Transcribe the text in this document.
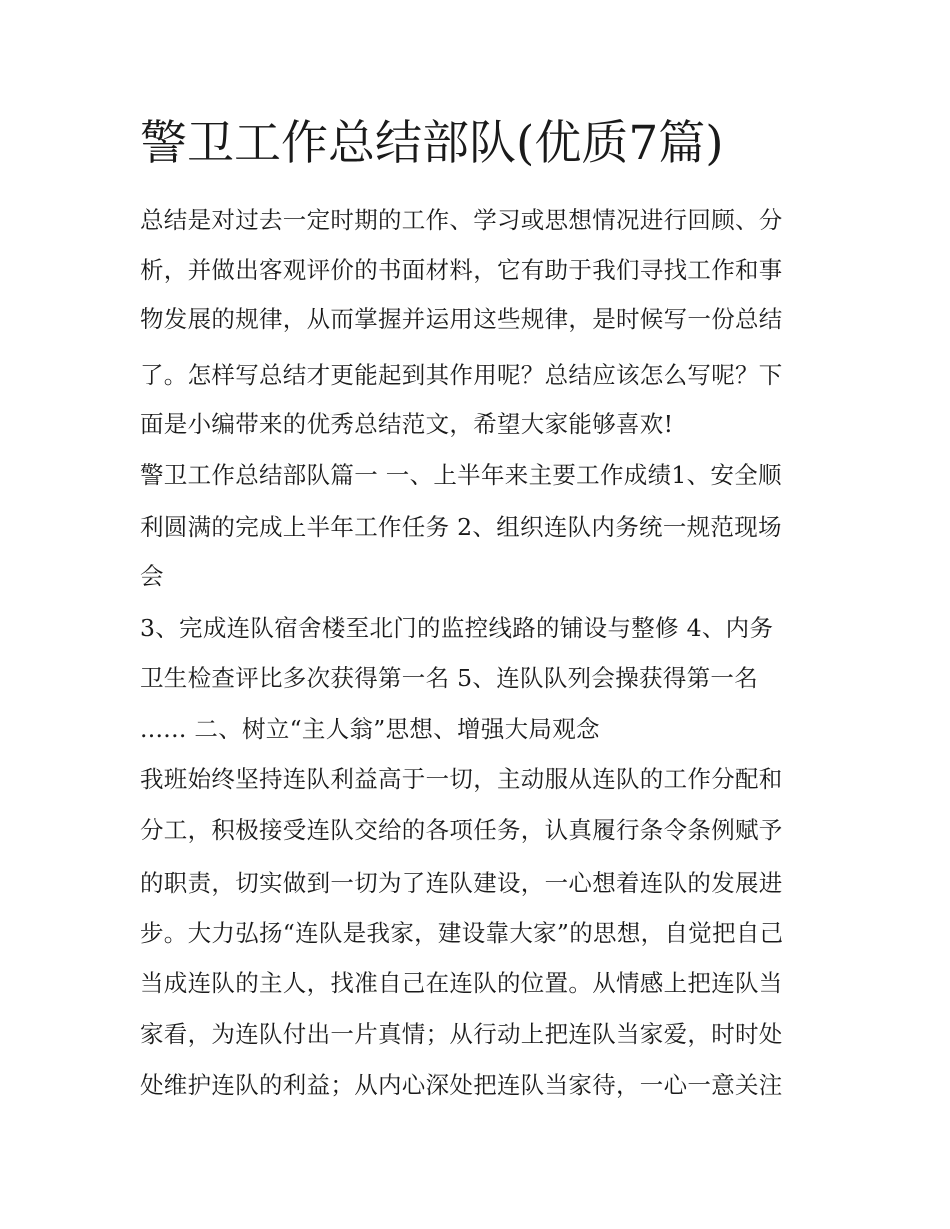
警卫工作总结部队(优质7篇)
总结是对过去一定时期的工作、学习或思想情况进行回顾、分
析，并做出客观评价的书面材料，它有助于我们寻找工作和事
物发展的规律，从而掌握并运用这些规律，是时候写一份总结
了。怎样写总结才更能起到其作用呢？总结应该怎么写呢？下
面是小编带来的优秀总结范文，希望大家能够喜欢!
警卫工作总结部队篇一 一、上半年来主要工作成绩1、安全顺
利圆满的完成上半年工作任务 2、组织连队内务统一规范现场
会
3、完成连队宿舍楼至北门的监控线路的铺设与整修 4、内务
卫生检查评比多次获得第一名 5、连队队列会操获得第一名
...... 二、树立“主人翁”思想、增强大局观念
我班始终坚持连队利益高于一切，主动服从连队的工作分配和
分工，积极接受连队交给的各项任务，认真履行条令条例赋予
的职责，切实做到一切为了连队建设，一心想着连队的发展进
步。大力弘扬“连队是我家，建设靠大家”的思想，自觉把自己
当成连队的主人，找准自己在连队的位置。从情感上把连队当
家看，为连队付出一片真情；从行动上把连队当家爱，时时处
处维护连队的利益；从内心深处把连队当家待，一心一意关注
